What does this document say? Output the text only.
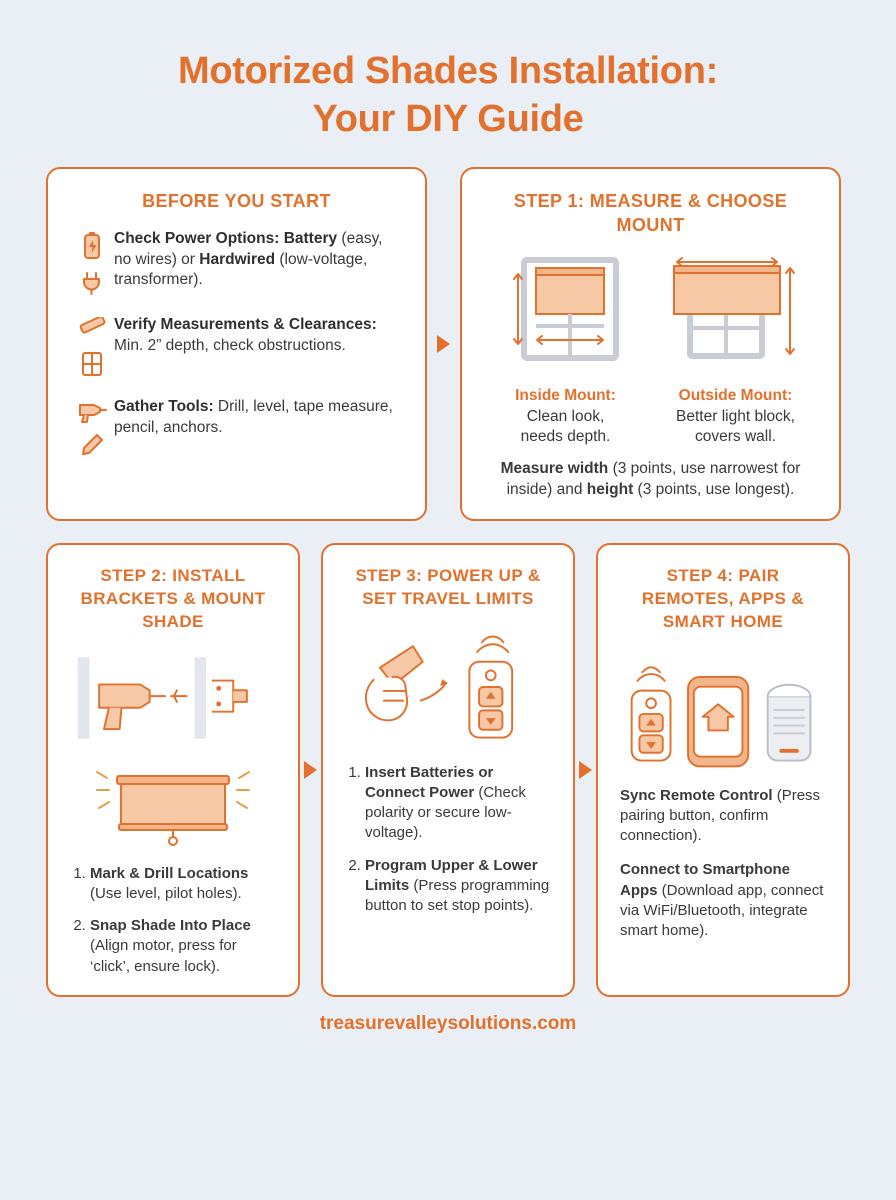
Motorized Shades Installation:
Your DIY Guide
BEFORE YOU START
Check Power Options: Battery (easy, no wires) or Hardwired (low-voltage, transformer).
Verify Measurements & Clearances: Min. 2” depth, check obstructions.
Gather Tools: Drill, level, tape measure, pencil, anchors.
STEP 1: MEASURE & CHOOSE MOUNT
Inside Mount:
Clean look,
needs depth.
Outside Mount:
Better light block,
covers wall.
Measure width (3 points, use narrowest for inside) and height (3 points, use longest).
STEP 2: INSTALL BRACKETS & MOUNT SHADE
1. Mark & Drill Locations (Use level, pilot holes).
2. Snap Shade Into Place (Align motor, press for ‘click’, ensure lock).
STEP 3: POWER UP & SET TRAVEL LIMITS
1. Insert Batteries or Connect Power (Check polarity or secure low-voltage).
2. Program Upper & Lower Limits (Press programming button to set stop points).
STEP 4: PAIR REMOTES, APPS & SMART HOME
Sync Remote Control (Press pairing button, confirm connection).
Connect to Smartphone Apps (Download app, connect via WiFi/Bluetooth, integrate smart home).
treasurevalleysolutions.com
